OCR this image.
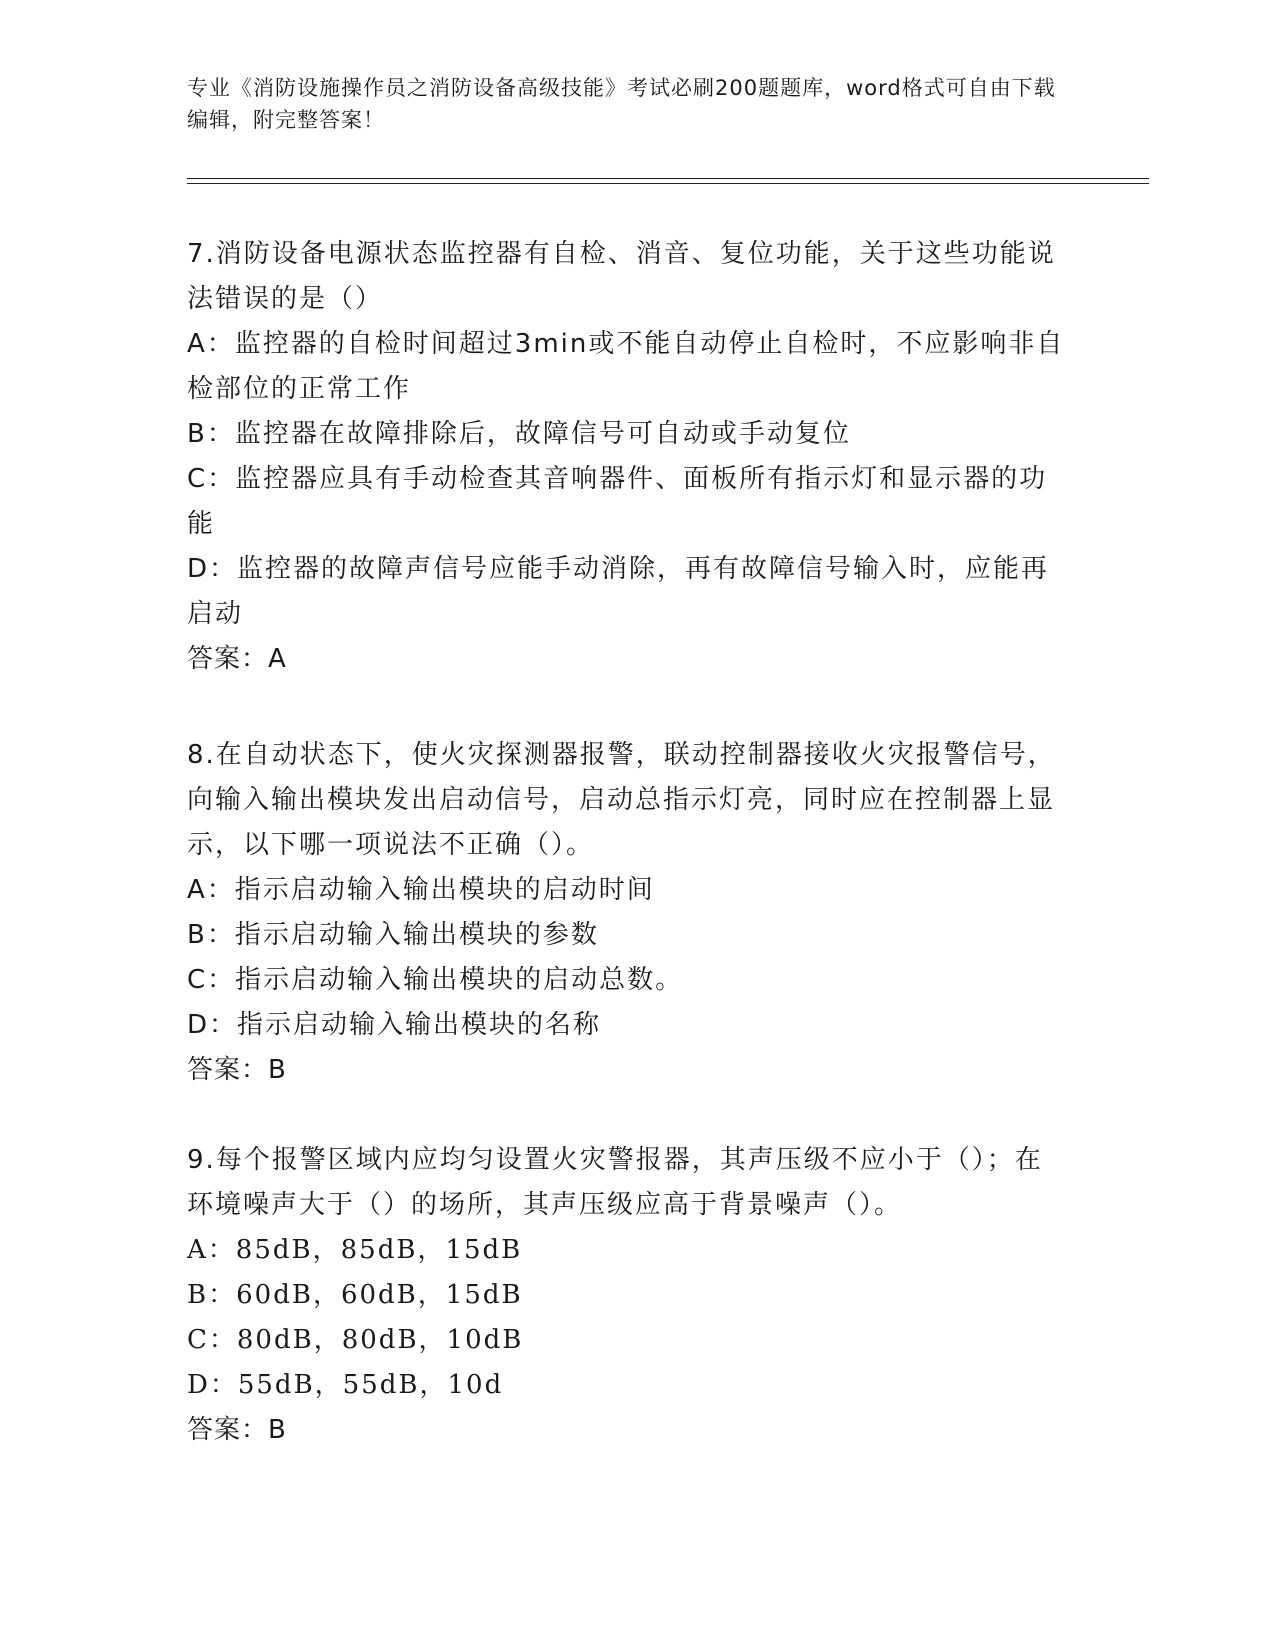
专业《消防设施操作员之消防设备高级技能》考试必刷200题题库，word格式可自由下载编辑，附完整答案！
7.消防设备电源状态监控器有自检、消音、复位功能，关于这些功能说法错误的是（）
A：监控器的自检时间超过3min或不能自动停止自检时，不应影响非自检部位的正常工作
B：监控器在故障排除后，故障信号可自动或手动复位
C：监控器应具有手动检查其音响器件、面板所有指示灯和显示器的功能
D：监控器的故障声信号应能手动消除，再有故障信号输入时，应能再启动
答案：A
8.在自动状态下，使火灾探测器报警，联动控制器接收火灾报警信号，向输入输出模块发出启动信号，启动总指示灯亮，同时应在控制器上显示，以下哪一项说法不正确（）。
A：指示启动输入输出模块的启动时间
B：指示启动输入输出模块的参数
C：指示启动输入输出模块的启动总数。
D：指示启动输入输出模块的名称
答案：B
9.每个报警区域内应均匀设置火灾警报器，其声压级不应小于（）；在环境噪声大于（）的场所，其声压级应高于背景噪声（）。
A：85dB，85dB，15dB
B：60dB，60dB，15dB
C：80dB，80dB，10dB
D：55dB，55dB，10d
答案：B
